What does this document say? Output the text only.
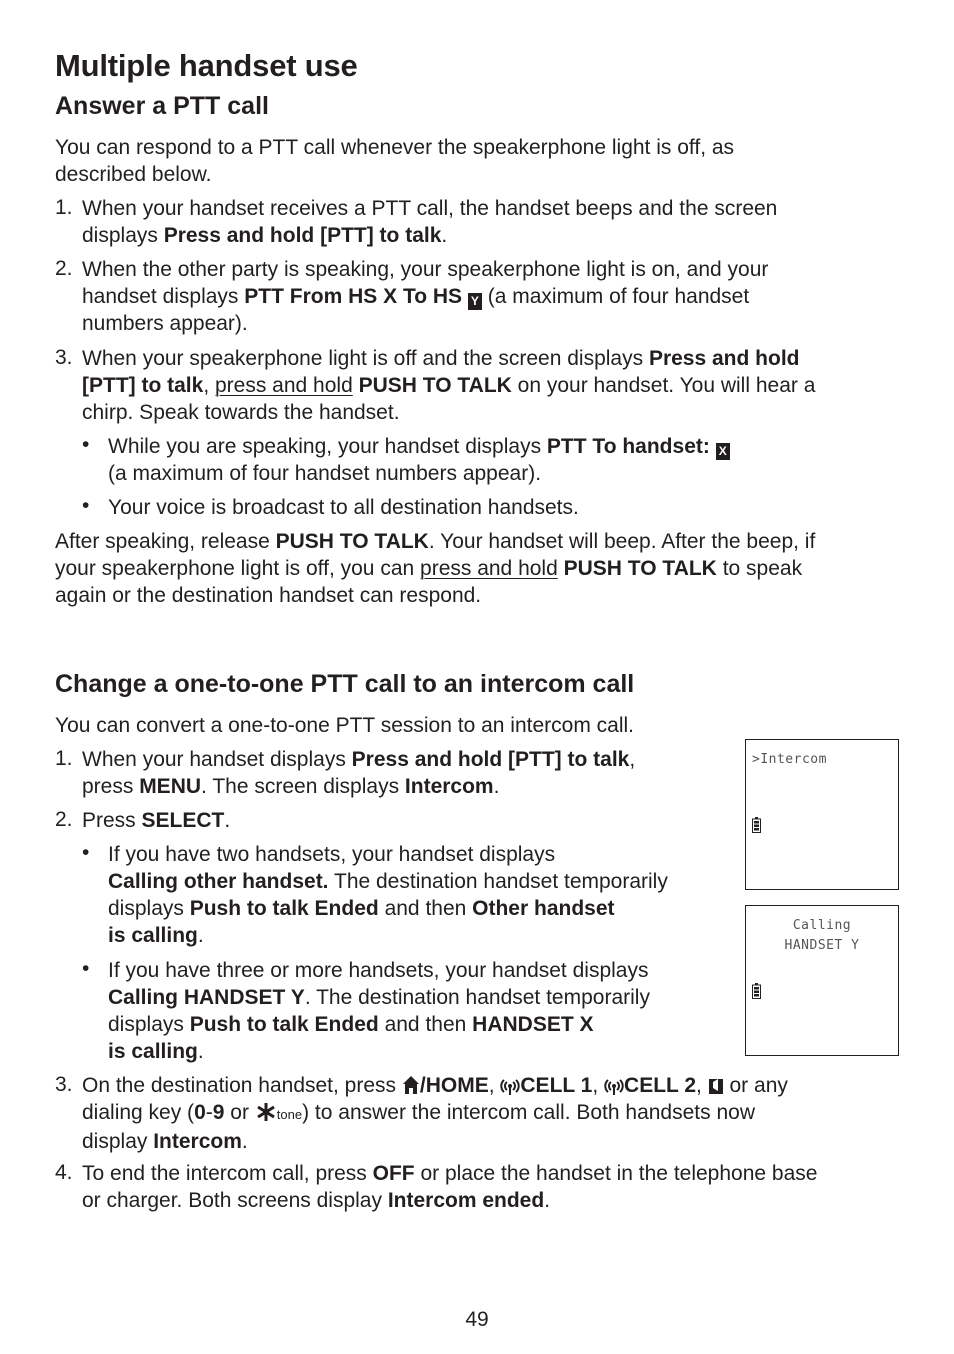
Multiple handset use
Answer a PTT call
You can respond to a PTT call whenever the speakerphone light is off, as
described below.
1. When your handset receives a PTT call, the handset beeps and the screen
displays Press and hold [PTT] to talk.
2. When the other party is speaking, your speakerphone light is on, and your
handset displays PTT From HS X To HS Y (a maximum of four handset
numbers appear).
3. When your speakerphone light is off and the screen displays Press and hold
[PTT] to talk, press and hold PUSH TO TALK on your handset. You will hear a
chirp. Speak towards the handset.
• While you are speaking, your handset displays PTT To handset: X
(a maximum of four handset numbers appear).
• Your voice is broadcast to all destination handsets.
After speaking, release PUSH TO TALK. Your handset will beep. After the beep, if
your speakerphone light is off, you can press and hold PUSH TO TALK to speak
again or the destination handset can respond.
Change a one-to-one PTT call to an intercom call
You can convert a one-to-one PTT session to an intercom call.
1. When your handset displays Press and hold [PTT] to talk,
press MENU. The screen displays Intercom.
2. Press SELECT.
• If you have two handsets, your handset displays
Calling other handset. The destination handset temporarily
displays Push to talk Ended and then Other handset
is calling.
• If you have three or more handsets, your handset displays
Calling HANDSET Y. The destination handset temporarily
displays Push to talk Ended and then HANDSET X
is calling.
3. On the destination handset, press /HOME, CELL 1, CELL 2,  or any
dialing key (0-9 or tone) to answer the intercom call. Both handsets now
display Intercom.
4. To end the intercom call, press OFF or place the handset in the telephone base
or charger. Both screens display Intercom ended.
>Intercom
Calling
HANDSET Y
49
